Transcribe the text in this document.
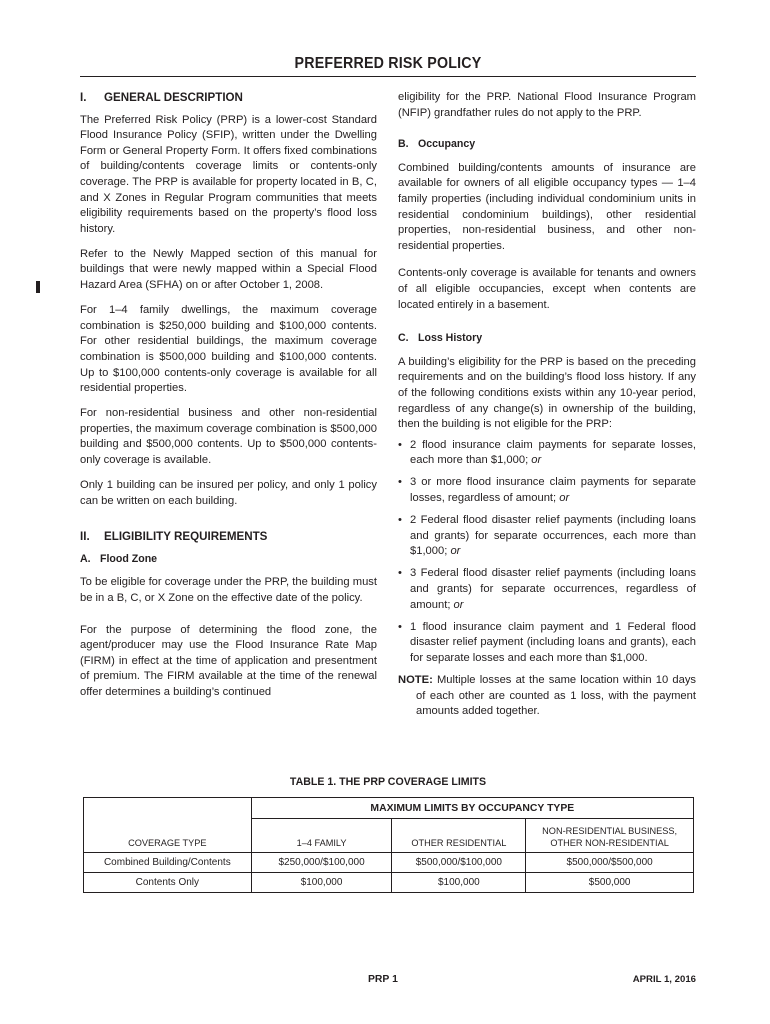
PREFERRED RISK POLICY
I. GENERAL DESCRIPTION

The Preferred Risk Policy (PRP) is a lower-cost Standard Flood Insurance Policy (SFIP), written under the Dwelling Form or General Property Form. It offers fixed combinations of building/contents coverage limits or contents-only coverage. The PRP is available for property located in B, C, and X Zones in Regular Program communities that meets eligibility requirements based on the property’s flood loss history.

Refer to the Newly Mapped section of this manual for buildings that were newly mapped within a Special Flood Hazard Area (SFHA) on or after October 1, 2008.

For 1–4 family dwellings, the maximum coverage combination is $250,000 building and $100,000 contents. For other residential buildings, the maximum coverage combination is $500,000 building and $100,000 contents. Up to $100,000 contents-only coverage is available for all residential properties.

For non-residential business and other non-residential properties, the maximum coverage combination is $500,000 building and $500,000 contents. Up to $500,000 contents-only coverage is available.

Only 1 building can be insured per policy, and only 1 policy can be written on each building.

II. ELIGIBILITY REQUIREMENTS
A. Flood Zone

To be eligible for coverage under the PRP, the building must be in a B, C, or X Zone on the effective date of the policy.

For the purpose of determining the flood zone, the agent/producer may use the Flood Insurance Rate Map (FIRM) in effect at the time of application and presentment of premium. The FIRM available at the time of the renewal offer determines a building’s continued

eligibility for the PRP. National Flood Insurance Program (NFIP) grandfather rules do not apply to the PRP.

B. Occupancy

Combined building/contents amounts of insurance are available for owners of all eligible occupancy types — 1–4 family properties (including individual condominium units in residential condominium buildings), other residential properties, non-residential business, and other non-residential properties.

Contents-only coverage is available for tenants and owners of all eligible occupancies, except when contents are located entirely in a basement.

C. Loss History

A building’s eligibility for the PRP is based on the preceding requirements and on the building’s flood loss history. If any of the following conditions exists within any 10-year period, regardless of any change(s) in ownership of the building, then the building is not eligible for the PRP:

• 2 flood insurance claim payments for separate losses, each more than $1,000; or
• 3 or more flood insurance claim payments for separate losses, regardless of amount; or
• 2 Federal flood disaster relief payments (including loans and grants) for separate occurrences, each more than $1,000; or
• 3 Federal flood disaster relief payments (including loans and grants) for separate occurrences, regardless of amount; or
• 1 flood insurance claim payment and 1 Federal flood disaster relief payment (including loans and grants), each for separate losses and each more than $1,000.

NOTE: Multiple losses at the same location within 10 days of each other are counted as 1 loss, with the payment amounts added together.

TABLE 1. THE PRP COVERAGE LIMITS
	MAXIMUM LIMITS BY OCCUPANCY TYPE		
COVERAGE TYPE	1–4 FAMILY	OTHER RESIDENTIAL	NON-RESIDENTIAL BUSINESS,
OTHER NON-RESIDENTIAL
Combined Building/Contents	$250,000/$100,000	$500,000/$100,000	$500,000/$500,000
Contents Only	$100,000	$100,000	$500,000
PRP 1	APRIL 1, 2016
